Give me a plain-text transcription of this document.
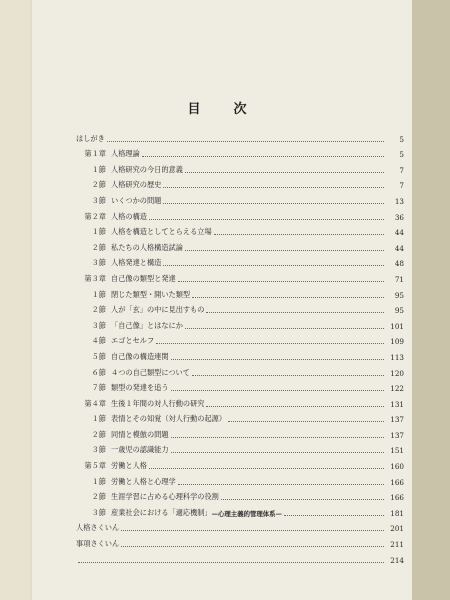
目　次
はしがき	5
第１章 人格理論	5
１節 人格研究の今日的意義	7
２節 人格研究の歴史	7
３節 いくつかの問題	13
第２章 人格の構造	36
１節 人格を構造としてとらえる立場	44
２節 私たちの人格構造試論	44
３節 人格発達と構造	48
第３章 自己像の類型と発達	71
１節 閉じた類型・開いた類型	95
２節 人が「玄」の中に見出すもの	95
３節 「自己像」とはなにか	101
４節 エゴとセルフ	109
５節 自己像の構造連関	113
６節 ４つの自己類型について	120
７節 類型の発達を追う	122
第４章 生後１年間の対人行動の研究	131
１節 表情とその知覚（対人行動の起源）	137
２節 同情と模倣の問題	137
３節 一歳児の認識能力	151
第５章 労働と人格	160
１節 労働と人格と心理学	166
２節 生涯学習に占める心理科学の役割	166
３節 産業社会における「適応機制」 —心理主義的管理体系—	181
人格さくいん	201
事項さくいん	211
214
